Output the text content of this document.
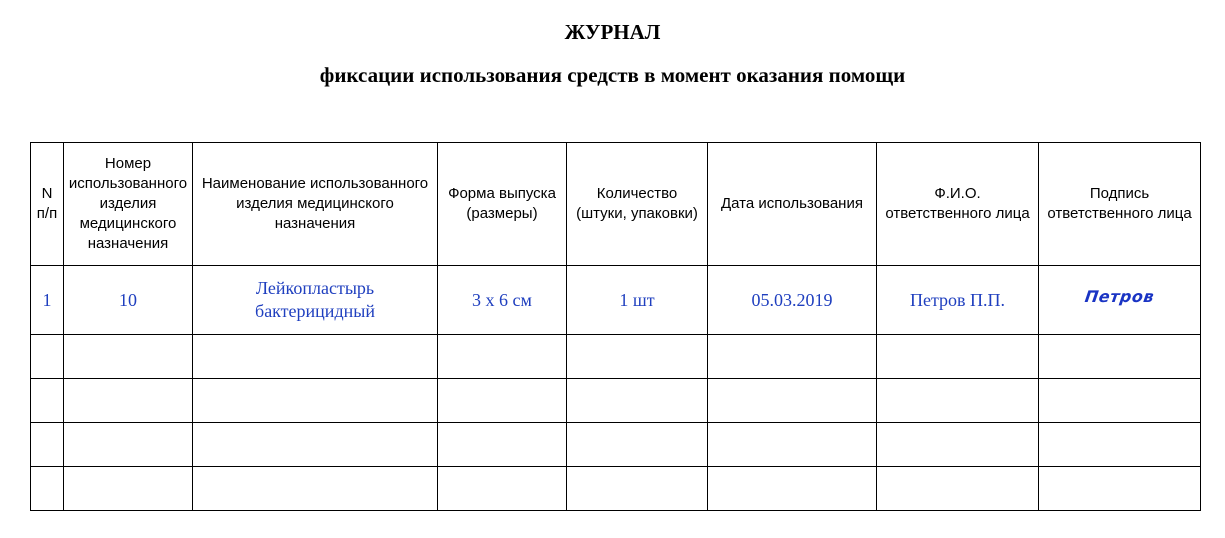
ЖУРНАЛ
фиксации использования средств в момент оказания помощи
N п/п	Номер использованного изделия медицинского назначения	Наименование использованного изделия медицинского назначения	Форма выпуска (размеры)	Количество (штуки, упаковки)	Дата использования	Ф.И.О. ответственного лица	Подпись ответственного лица
1	10	Лейкопластырь бактерицидный	3 х 6 см	1 шт	05.03.2019	Петров П.П.	Петров
